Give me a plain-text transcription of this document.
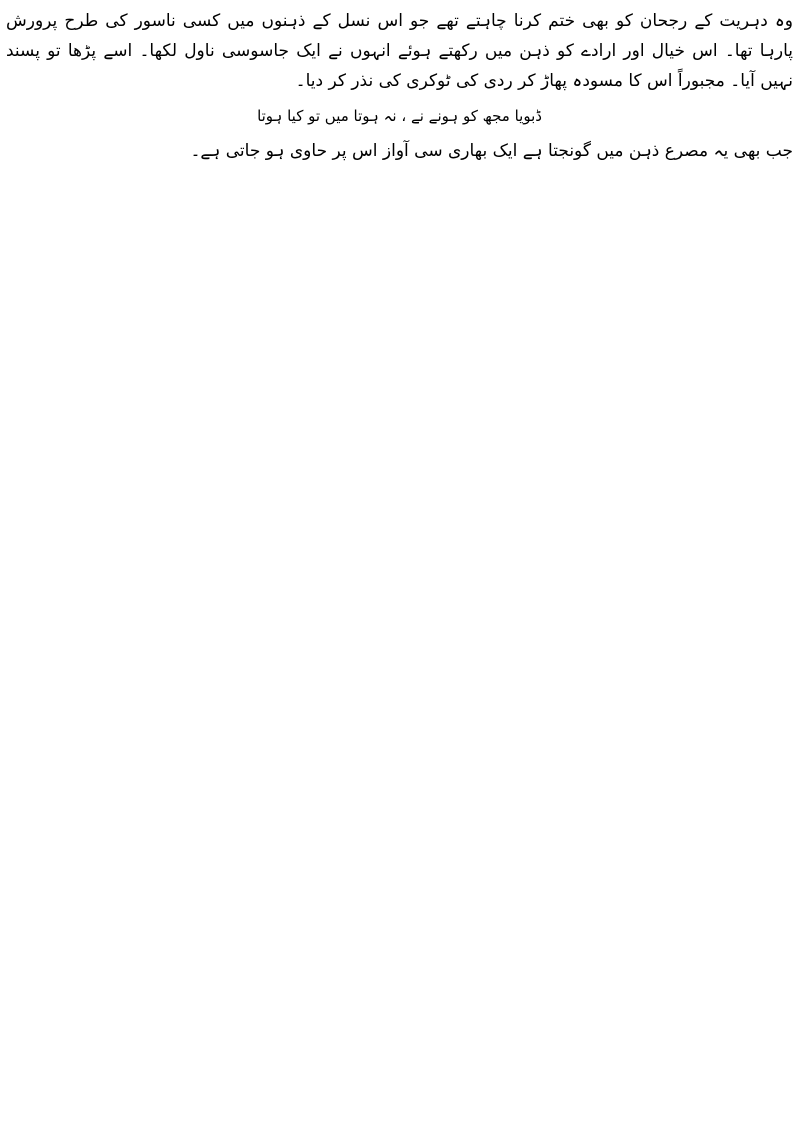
وہ دہریت کے رجحان کو بھی ختم کرنا چاہتے تھے جو اس نسل کے ذہنوں میں کسی ناسور کی طرح پرورش پارہا تھا۔ اس خیال اور ارادے کو ذہن میں رکھتے ہوئے انہوں نے ایک جاسوسی ناول لکھا۔ اسے پڑھا تو پسند نہیں آیا۔ مجبوراً اس کا مسودہ پھاڑ کر ردی کی ٹوکری کی نذر کر دیا۔

ڈبویا مجھ کو ہونے نے ، نہ ہوتا میں تو کیا ہوتا

جب بھی یہ مصرع ذہن میں گونجتا ہے ایک بھاری سی آواز اس پر حاوی ہو جاتی ہے۔
